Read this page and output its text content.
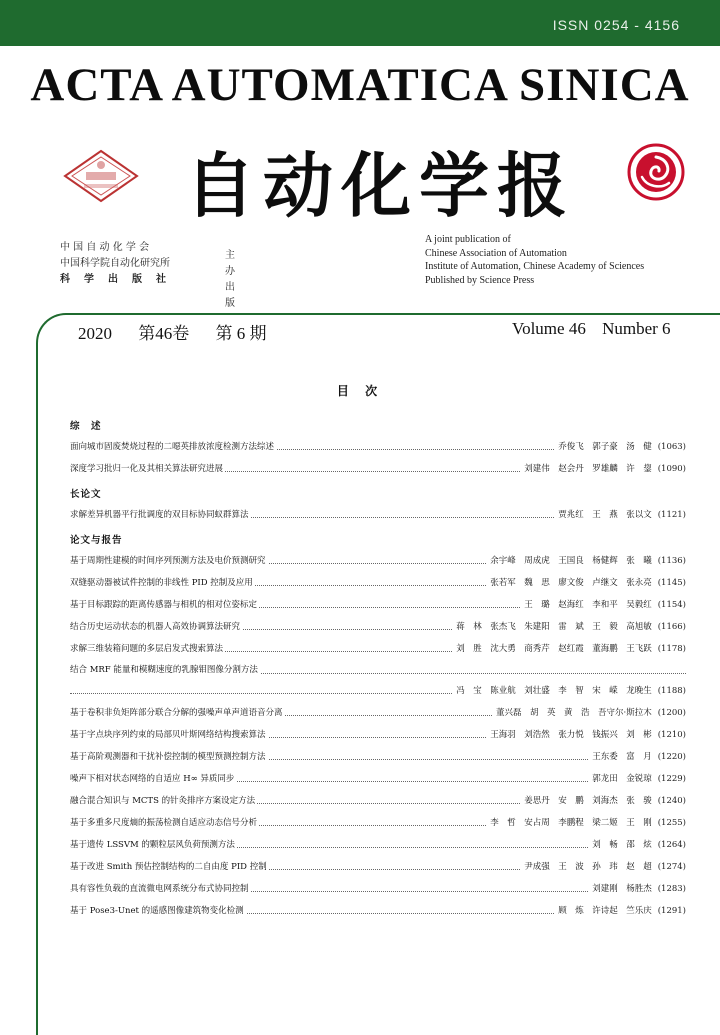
ISSN 0254 - 4156
ACTA AUTOMATICA SINICA
自动化学报
中 国 自 动 化 学 会
中国科学院自动化研究所
科　学　出　版　社
主办
出版
A joint publication of
Chinese Association of Automation
Institute of Automation, Chinese Academy of Sciences
Published by Science Press
2020 第46卷 第 6 期	Volume 46 Number 6
目 次
综　述
面向城市固废焚烧过程的二噁英排放浓度检测方法综述	乔俊飞　郭子豪　汤　健 (1063)
深度学习批归一化及其相关算法研究进展	刘建伟　赵会丹　罗雄麟　许　鋆 (1090)
长论文
求解差异机器平行批调度的双目标协同蚁群算法	贾兆红　王　燕　张以文 (1121)
论文与报告
基于周期性建模的时间序列预测方法及电价预测研究	余宇峰　周成虎　王国良　杨健辉　张　曦 (1136)
双缝驱动器被试件控制的非线性 PID 控制及应用	张若军　魏　思　廖文俊　卢继文　张永亮 (1145)
基于目标跟踪的距离传感器与相机的相对位姿标定	王　璐　赵海红　李和平　吴毅红 (1154)
结合历史运动状态的机器人高效协调算法研究	蒋　林　张杰飞　朱建阳　雷　斌　王　毅　高旭敏 (1166)
求解三维装箱问题的多层启发式搜索算法	刘　胜　沈大勇　商秀芹　赵红霞　董海鹏　王飞跃 (1178)
结合 MRF 能量和模糊速度的乳腺钼图像分割方法
冯　宝　陈业航　刘壮盛　李　智　宋　嵘　龙晚生 (1188)
基于卷积非负矩阵部分联合分解的强噪声单声道语音分离	董兴磊　胡　英　黄　浩　吾守尔·斯拉木 (1200)
基于字点块序列约束的局部贝叶斯网络结构搜索算法	王海羽　刘浩然　张力悦　钱振兴　刘　彬 (1210)
基于高阶观测器和干扰补偿控制的模型预测控制方法	王东委　富　月 (1220)
噪声下相对状态网络的自适应 H∞ 异质同步	郭龙田　金锐琼 (1229)
融合混合知识与 MCTS 的针灸排序方案设定方法	姜思丹　安　鹏　刘海杰　张　骏 (1240)
基于多重多尺度熵的振荡检测自适应动态信号分析	李　哲　安占周　李鹏程　梁二姬　王　刚 (1255)
基于遗传 LSSVM 的颗粒层风负荷预测方法	刘　畅　邵　炫 (1264)
基于改进 Smith 预估控制结构的二自由度 PID 控制	尹成强　王　波　孙　玮　赵　超 (1274)
具有容性负载的直流微电网系统分布式协同控制	刘建刚　杨胜杰 (1283)
基于 Pose3-Unet 的遥感图像建筑物变化检测	顾　炼　许诗起　竺乐庆 (1291)
